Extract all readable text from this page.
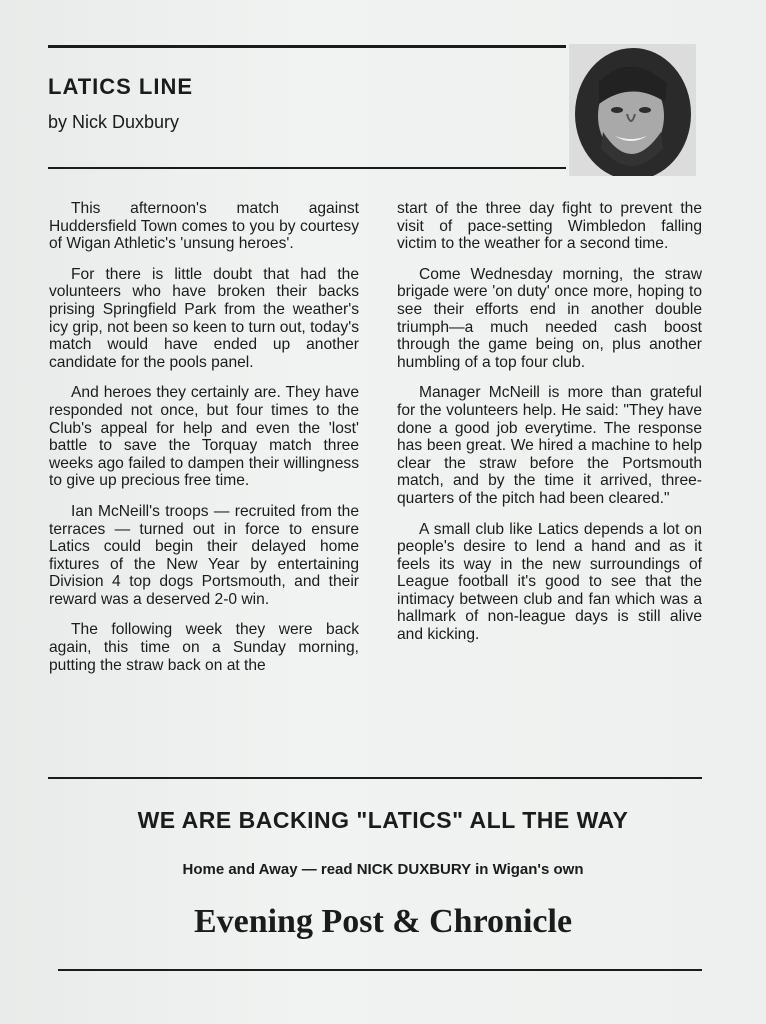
LATICS LINE

by Nick Duxbury

This afternoon's match against Huddersfield Town comes to you by courtesy of Wigan Athletic's 'unsung heroes'.

For there is little doubt that had the volunteers who have broken their backs prising Springfield Park from the weather's icy grip, not been so keen to turn out, today's match would have ended up another candidate for the pools panel.

And heroes they certainly are. They have responded not once, but four times to the Club's appeal for help and even the 'lost' battle to save the Torquay match three weeks ago failed to dampen their willingness to give up precious free time.

Ian McNeill's troops — recruited from the terraces — turned out in force to ensure Latics could begin their delayed home fixtures of the New Year by entertaining Division 4 top dogs Portsmouth, and their reward was a deserved 2-0 win.

The following week they were back again, this time on a Sunday morning, putting the straw back on at the

start of the three day fight to prevent the visit of pace-setting Wimbledon falling victim to the weather for a second time.

Come Wednesday morning, the straw brigade were 'on duty' once more, hoping to see their efforts end in another double triumph—a much needed cash boost through the game being on, plus another humbling of a top four club.

Manager McNeill is more than grateful for the volunteers help. He said: "They have done a good job everytime. The response has been great. We hired a machine to help clear the straw before the Portsmouth match, and by the time it arrived, three-quarters of the pitch had been cleared."

A small club like Latics depends a lot on people's desire to lend a hand and as it feels its way in the new surroundings of League football it's good to see that the intimacy between club and fan which was a hallmark of non-league days is still alive and kicking.

WE ARE BACKING "LATICS" ALL THE WAY

Home and Away — read NICK DUXBURY in Wigan's own

Evening Post & Chronicle
